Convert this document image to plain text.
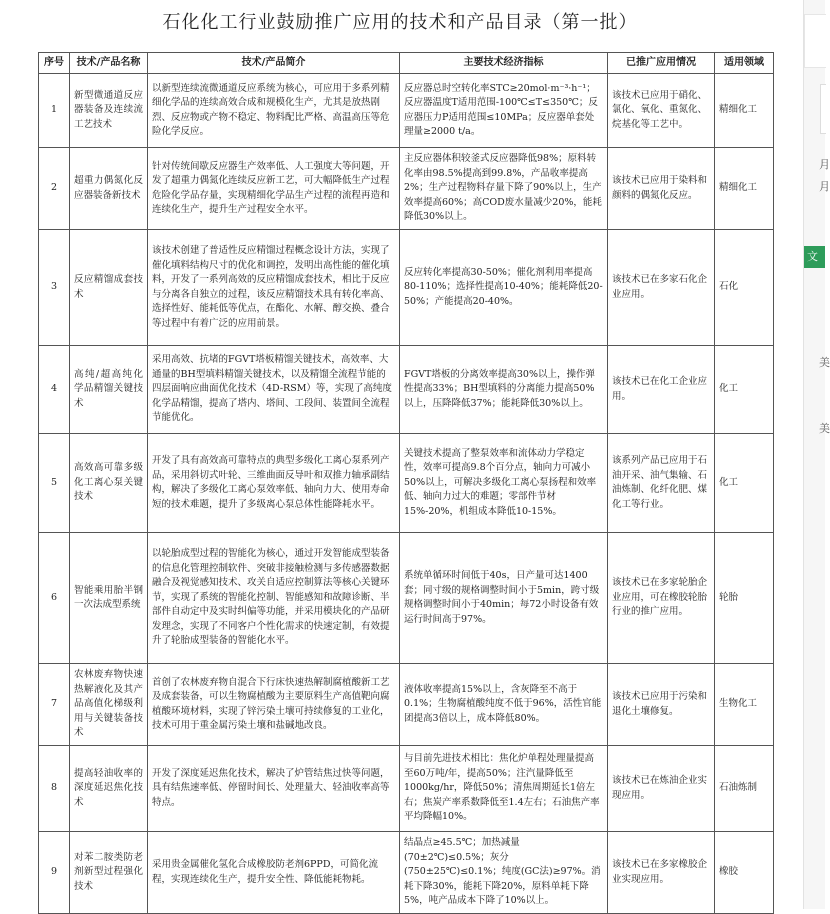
石化化工行业鼓励推广应用的技术和产品目录（第一批）
序号	技术/产品名称	技术/产品简介	主要技术经济指标	已推广应用情况	适用领域
1	新型微通道反应器装备及连续流工艺技术	以新型连续流微通道反应系统为核心，可应用于多系列精细化学品的连续高效合成和规模化生产，尤其是放热剧烈、反应物或产物不稳定、物料配比严格、高温高压等危险化学反应。	反应器总时空转化率STC≥20mol·m⁻³·h⁻¹；反应器温度T适用范围-100℃≤T≤350℃；反应器压力P适用范围≤10MPa；反应器单套处理量≥2000 t/a。	该技术已应用于硝化、氯化、氧化、重氮化、烷基化等工艺中。	精细化工
2	超重力偶氮化反应器装备新技术	针对传统间歇反应器生产效率低、人工强度大等问题，开发了超重力偶氮化连续反应新工艺，可大幅降低生产过程危险化学品存量，实现精细化学品生产过程的流程再造和连续化生产，提升生产过程安全水平。	主反应器体积较釜式反应器降低98%；原料转化率由98.5%提高到99.8%，产品收率提高2%；生产过程物料存量下降了90%以上，生产效率提高60%；高COD废水量减少20%，能耗降低30%以上。	该技术已应用于染料和颜料的偶氮化反应。	精细化工
3	反应精馏成套技术	该技术创建了普适性反应精馏过程概念设计方法，实现了催化填料结构尺寸的优化和调控，发明出高性能的催化填料，开发了一系列高效的反应精馏成套技术，相比于反应与分离各自独立的过程，该反应精馏技术具有转化率高、选择性好、能耗低等优点，在酯化、水解、醇交换、叠合等过程中有着广泛的应用前景。	反应转化率提高30-50%；催化剂利用率提高80-110%；选择性提高10-40%；能耗降低20-50%；产能提高20-40%。	该技术已在多家石化企业应用。	石化
4	高纯/超高纯化学品精馏关键技术	采用高效、抗堵的FGVT塔板精馏关键技术，高效率、大通量的BH型填料精馏关键技术，以及精馏全流程节能的四层面响应曲面优化技术（4D-RSM）等，实现了高纯度化学品精馏，提高了塔内、塔间、工段间、装置间全流程节能优化。	FGVT塔板的分离效率提高30%以上，操作弹性提高33%；BH型填料的分离能力提高50%以上，压降降低37%；能耗降低30%以上。	该技术已在化工企业应用。	化工
5	高效高可靠多级化工离心泵关键技术	开发了具有高效高可靠特点的典型多级化工离心泵系列产品，采用斜切式叶轮、三维曲面反导叶和双推力轴承副结构，解决了多级化工离心泵效率低、轴向力大、使用寿命短的技术难题，提升了多级离心泵总体性能降耗水平。	关键技术提高了整泵效率和流体动力学稳定性，效率可提高9.8个百分点，轴向力可减小50%以上，可解决多级化工离心泵扬程和效率低、轴向力过大的难题；零部件节材15%-20%，机组成本降低10-15%。	该系列产品已应用于石油开采、油气集输、石油炼制、化纤化肥、煤化工等行业。	化工
6	智能乘用胎半钢一次法成型系统	以轮胎成型过程的智能化为核心，通过开发智能成型装备的信息化管理控制软件、突破非接触检测与多传感器数据融合及视觉感知技术、攻关自适应控制算法等核心关键环节，实现了系统的智能化控制、智能感知和故障诊断、半部件自动定中及实时纠偏等功能，并采用模块化的产品研发理念，实现了不同客户个性化需求的快速定制，有效提升了轮胎成型装备的智能化水平。	系统单循环时间低于40s，日产量可达1400套；同寸级的规格调整时间小于5min，跨寸级规格调整时间小于40min；每72小时设备有效运行时间高于97%。	该技术已在多家轮胎企业应用，可在橡胶轮胎行业的推广应用。	轮胎
7	农林废弃物快速热解液化及其产品高值化梯级利用与关键装备技术	首创了农林废弃物自混合下行床快速热解制腐植酸新工艺及成套装备，可以生物腐植酸为主要原料生产高值靶向腐植酸环境材料，实现了锌污染土壤可持续修复的工业化，技术可用于重金属污染土壤和盐碱地改良。	液体收率提高15%以上，含灰降至不高于0.1%；生物腐植酸纯度不低于96%，活性官能团提高3倍以上，成本降低80%。	该技术已应用于污染和退化土壤修复。	生物化工
8	提高轻油收率的深度延迟焦化技术	开发了深度延迟焦化技术，解决了炉管结焦过快等问题，具有结焦速率低、停留时间长、处理量大、轻油收率高等特点。	与目前先进技术相比：焦化炉单程处理量提高至60万吨/年，提高50%；注汽量降低至1000kg/hr，降低50%；清焦周期延长1倍左右；焦炭产率系数降低至1.4左右；石油焦产率平均降幅10%。	该技术已在炼油企业实现应用。	石油炼制
9	对苯二胺类防老剂新型过程强化技术	采用贵金属催化氢化合成橡胶防老剂6PPD，可简化流程，实现连续化生产，提升安全性、降低能耗物耗。	结晶点≥45.5℃；加热减量(70±2℃)≤0.5%；灰分(750±25℃)≤0.1%；纯度(GC法)≥97%。消耗下降30%，能耗下降20%，原料单耗下降5%，吨产品成本下降了10%以上。	该技术已在多家橡胶企业实现应用。	橡胶
月
月
文
美
美
